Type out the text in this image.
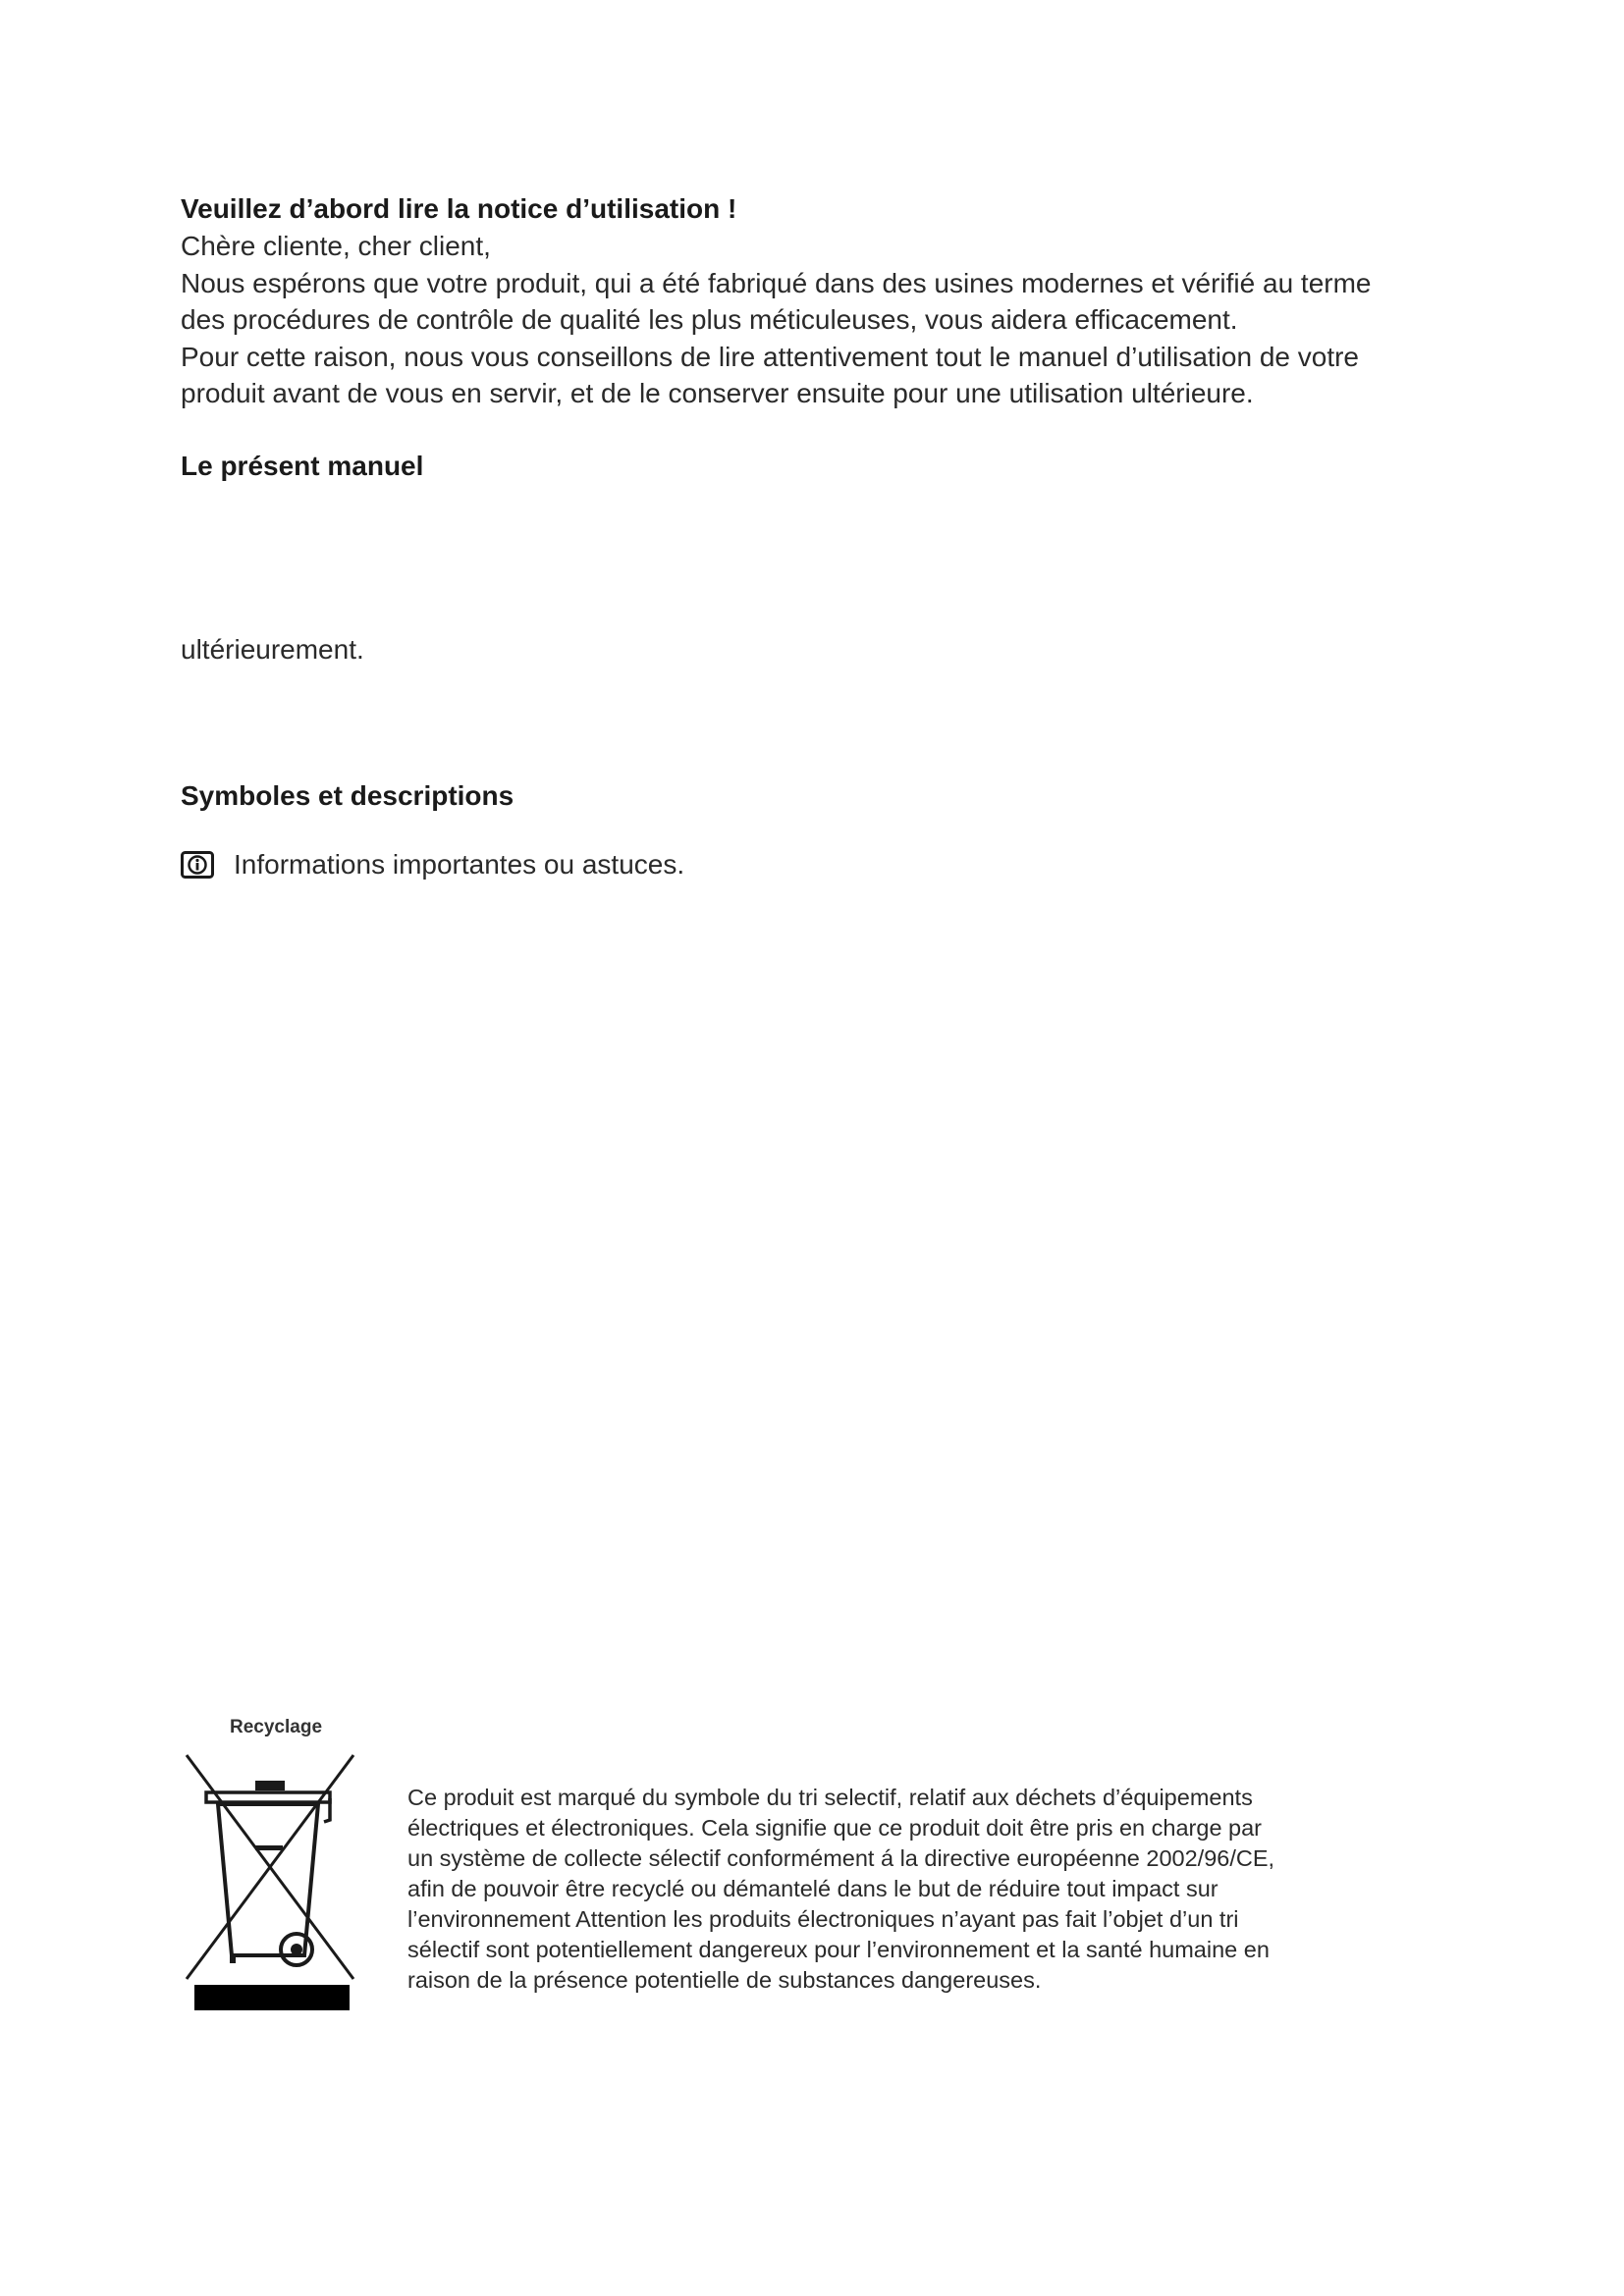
Veuillez d’abord lire la notice d’utilisation !
Chère cliente, cher client,
Nous espérons que votre produit, qui a été fabriqué dans des usines modernes et vérifié au terme
des procédures de contrôle de qualité les plus méticuleuses, vous aidera efficacement.
Pour cette raison, nous vous conseillons de lire attentivement tout le manuel d’utilisation de votre
produit avant de vous en servir, et de le conserver ensuite pour une utilisation ultérieure.
Le présent manuel
ultérieurement.
Symboles et descriptions
Informations importantes ou astuces.
Recyclage
Ce produit est marqué du symbole du tri selectif, relatif aux déchets d’équipements
électriques et électroniques. Cela signifie que ce produit doit être pris en charge par
un système de collecte sélectif conformément á la directive européenne 2002/96/CE,
afin de pouvoir être recyclé ou démantelé dans le but de réduire tout impact sur
l’environnement Attention les produits électroniques n’ayant pas fait l’objet d’un tri
sélectif sont potentiellement dangereux pour l’environnement et la santé humaine en
raison de la présence potentielle de substances dangereuses.
